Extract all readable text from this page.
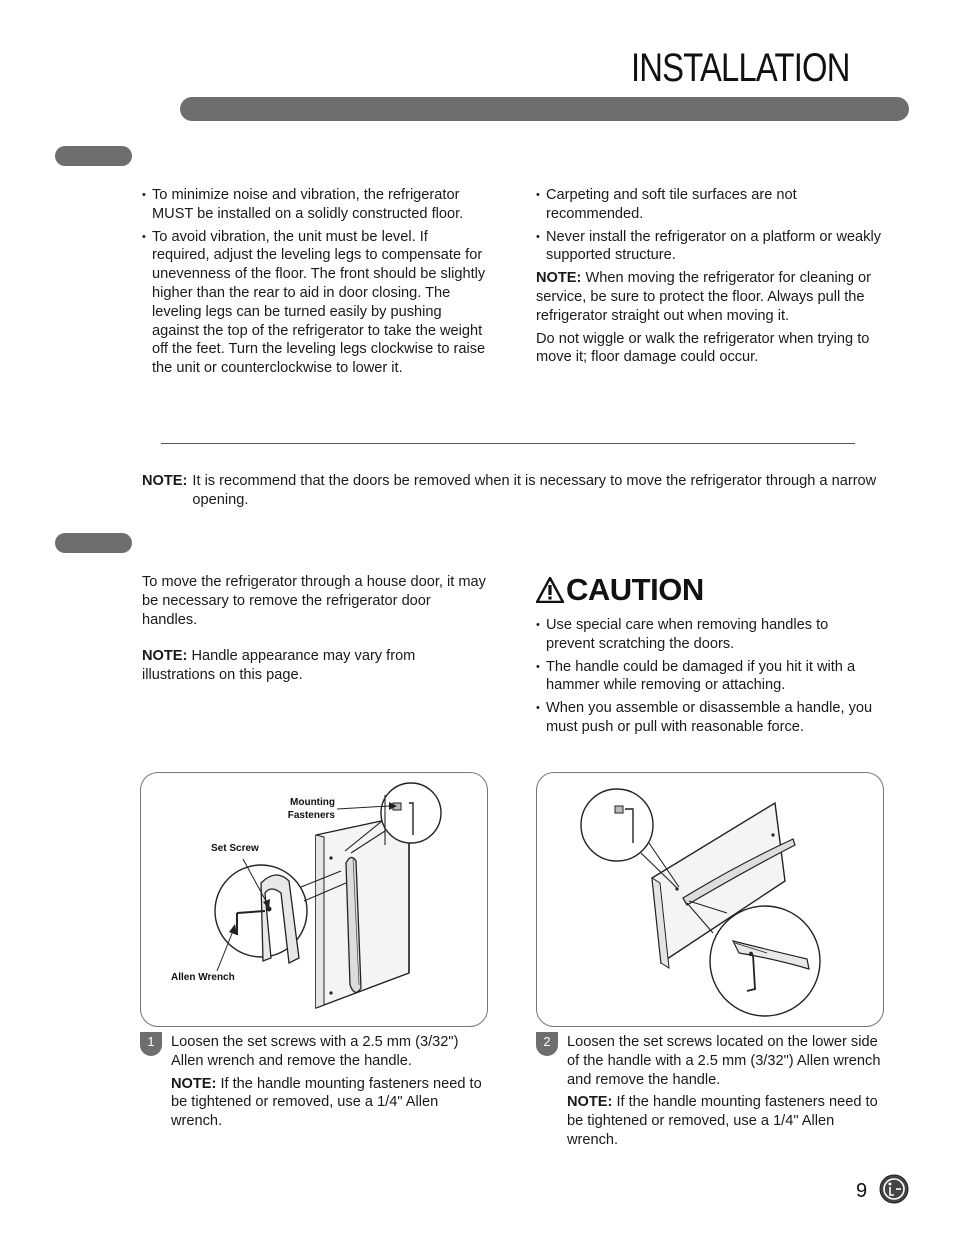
INSTALLATION
• To minimize noise and vibration, the refrigerator MUST be installed on a solidly constructed floor.
• To avoid vibration, the unit must be level. If required, adjust the leveling legs to compensate for unevenness of the floor. The front should be slightly higher than the rear to aid in door closing. The leveling legs can be turned easily by pushing against the top of the refrigerator to take the weight off the feet. Turn the leveling legs clockwise to raise the unit or counterclockwise to lower it.
• Carpeting and soft tile surfaces are not recommended.
• Never install the refrigerator on a platform or weakly supported structure.

NOTE: When moving the refrigerator for cleaning or service, be sure to protect the floor. Always pull the refrigerator straight out when moving it.

Do not wiggle or walk the refrigerator when trying to move it; floor damage could occur.

NOTE: It is recommend that the doors be removed when it is necessary to move the refrigerator through a narrow opening.

To move the refrigerator through a house door, it may be necessary to remove the refrigerator door handles.

NOTE: Handle appearance may vary from illustrations on this page.

CAUTION
• Use special care when removing handles to prevent scratching the doors.
• The handle could be damaged if you hit it with a hammer while removing or attaching.
• When you assemble or disassemble a handle, you must push or pull with reasonable force.
Mounting
Fasteners
Set Screw
Allen Wrench
1	Loosen the set screws with a 2.5 mm (3/32") Allen wrench and remove the handle.

NOTE: If the handle mounting fasteners need to be tightened or removed, use a 1/4" Allen wrench.

2	Loosen the set screws located on the lower side of the handle with a 2.5 mm (3/32") Allen wrench and remove the handle.

NOTE: If the handle mounting fasteners need to be tightened or removed, use a 1/4" Allen wrench.

9
